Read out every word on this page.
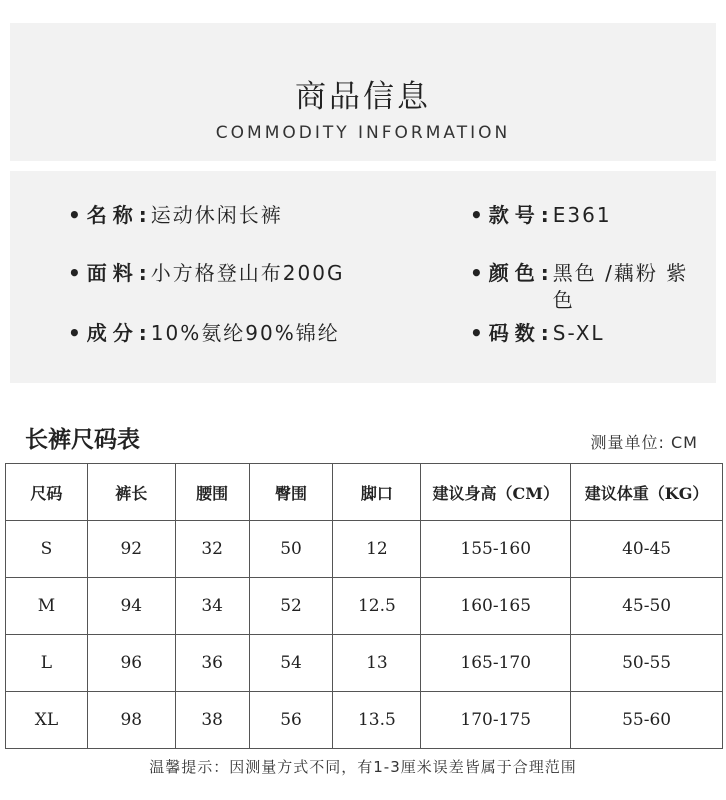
商品信息
COMMODITY INFORMATION
• 名称 : 运动休闲长裤	• 款号 : E361
• 面料 : 小方格登山布200G	• 颜色 : 黑色 /藕粉 紫色
• 成分 : 10%氨纶90%锦纶	• 码数 : S-XL
长裤尺码表	测量单位: CM
尺码	裤长	腰围	臀围	脚口	建议身高（CM）	建议体重（KG）
S	92	32	50	12	155-160	40-45
M	94	34	52	12.5	160-165	45-50
L	96	36	54	13	165-170	50-55
XL	98	38	56	13.5	170-175	55-60
温馨提示：因测量方式不同，有1-3厘米误差皆属于合理范围
